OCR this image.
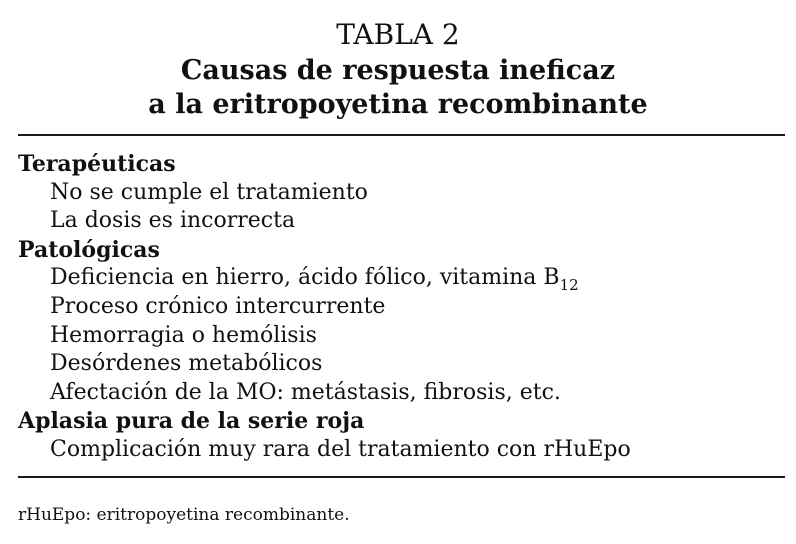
TABLA 2
Causas de respuesta ineficaz
a la eritropoyetina recombinante
Terapéuticas
No se cumple el tratamiento
La dosis es incorrecta
Patológicas
Deficiencia en hierro, ácido fólico, vitamina $B_{12}$
Proceso crónico intercurrente
Hemorragia o hemólisis
Desórdenes metabólicos
Afectación de la MO: metástasis, fibrosis, etc.
Aplasia pura de la serie roja
Complicación muy rara del tratamiento con rHuEpo
rHuEpo: eritropoyetina recombinante.
